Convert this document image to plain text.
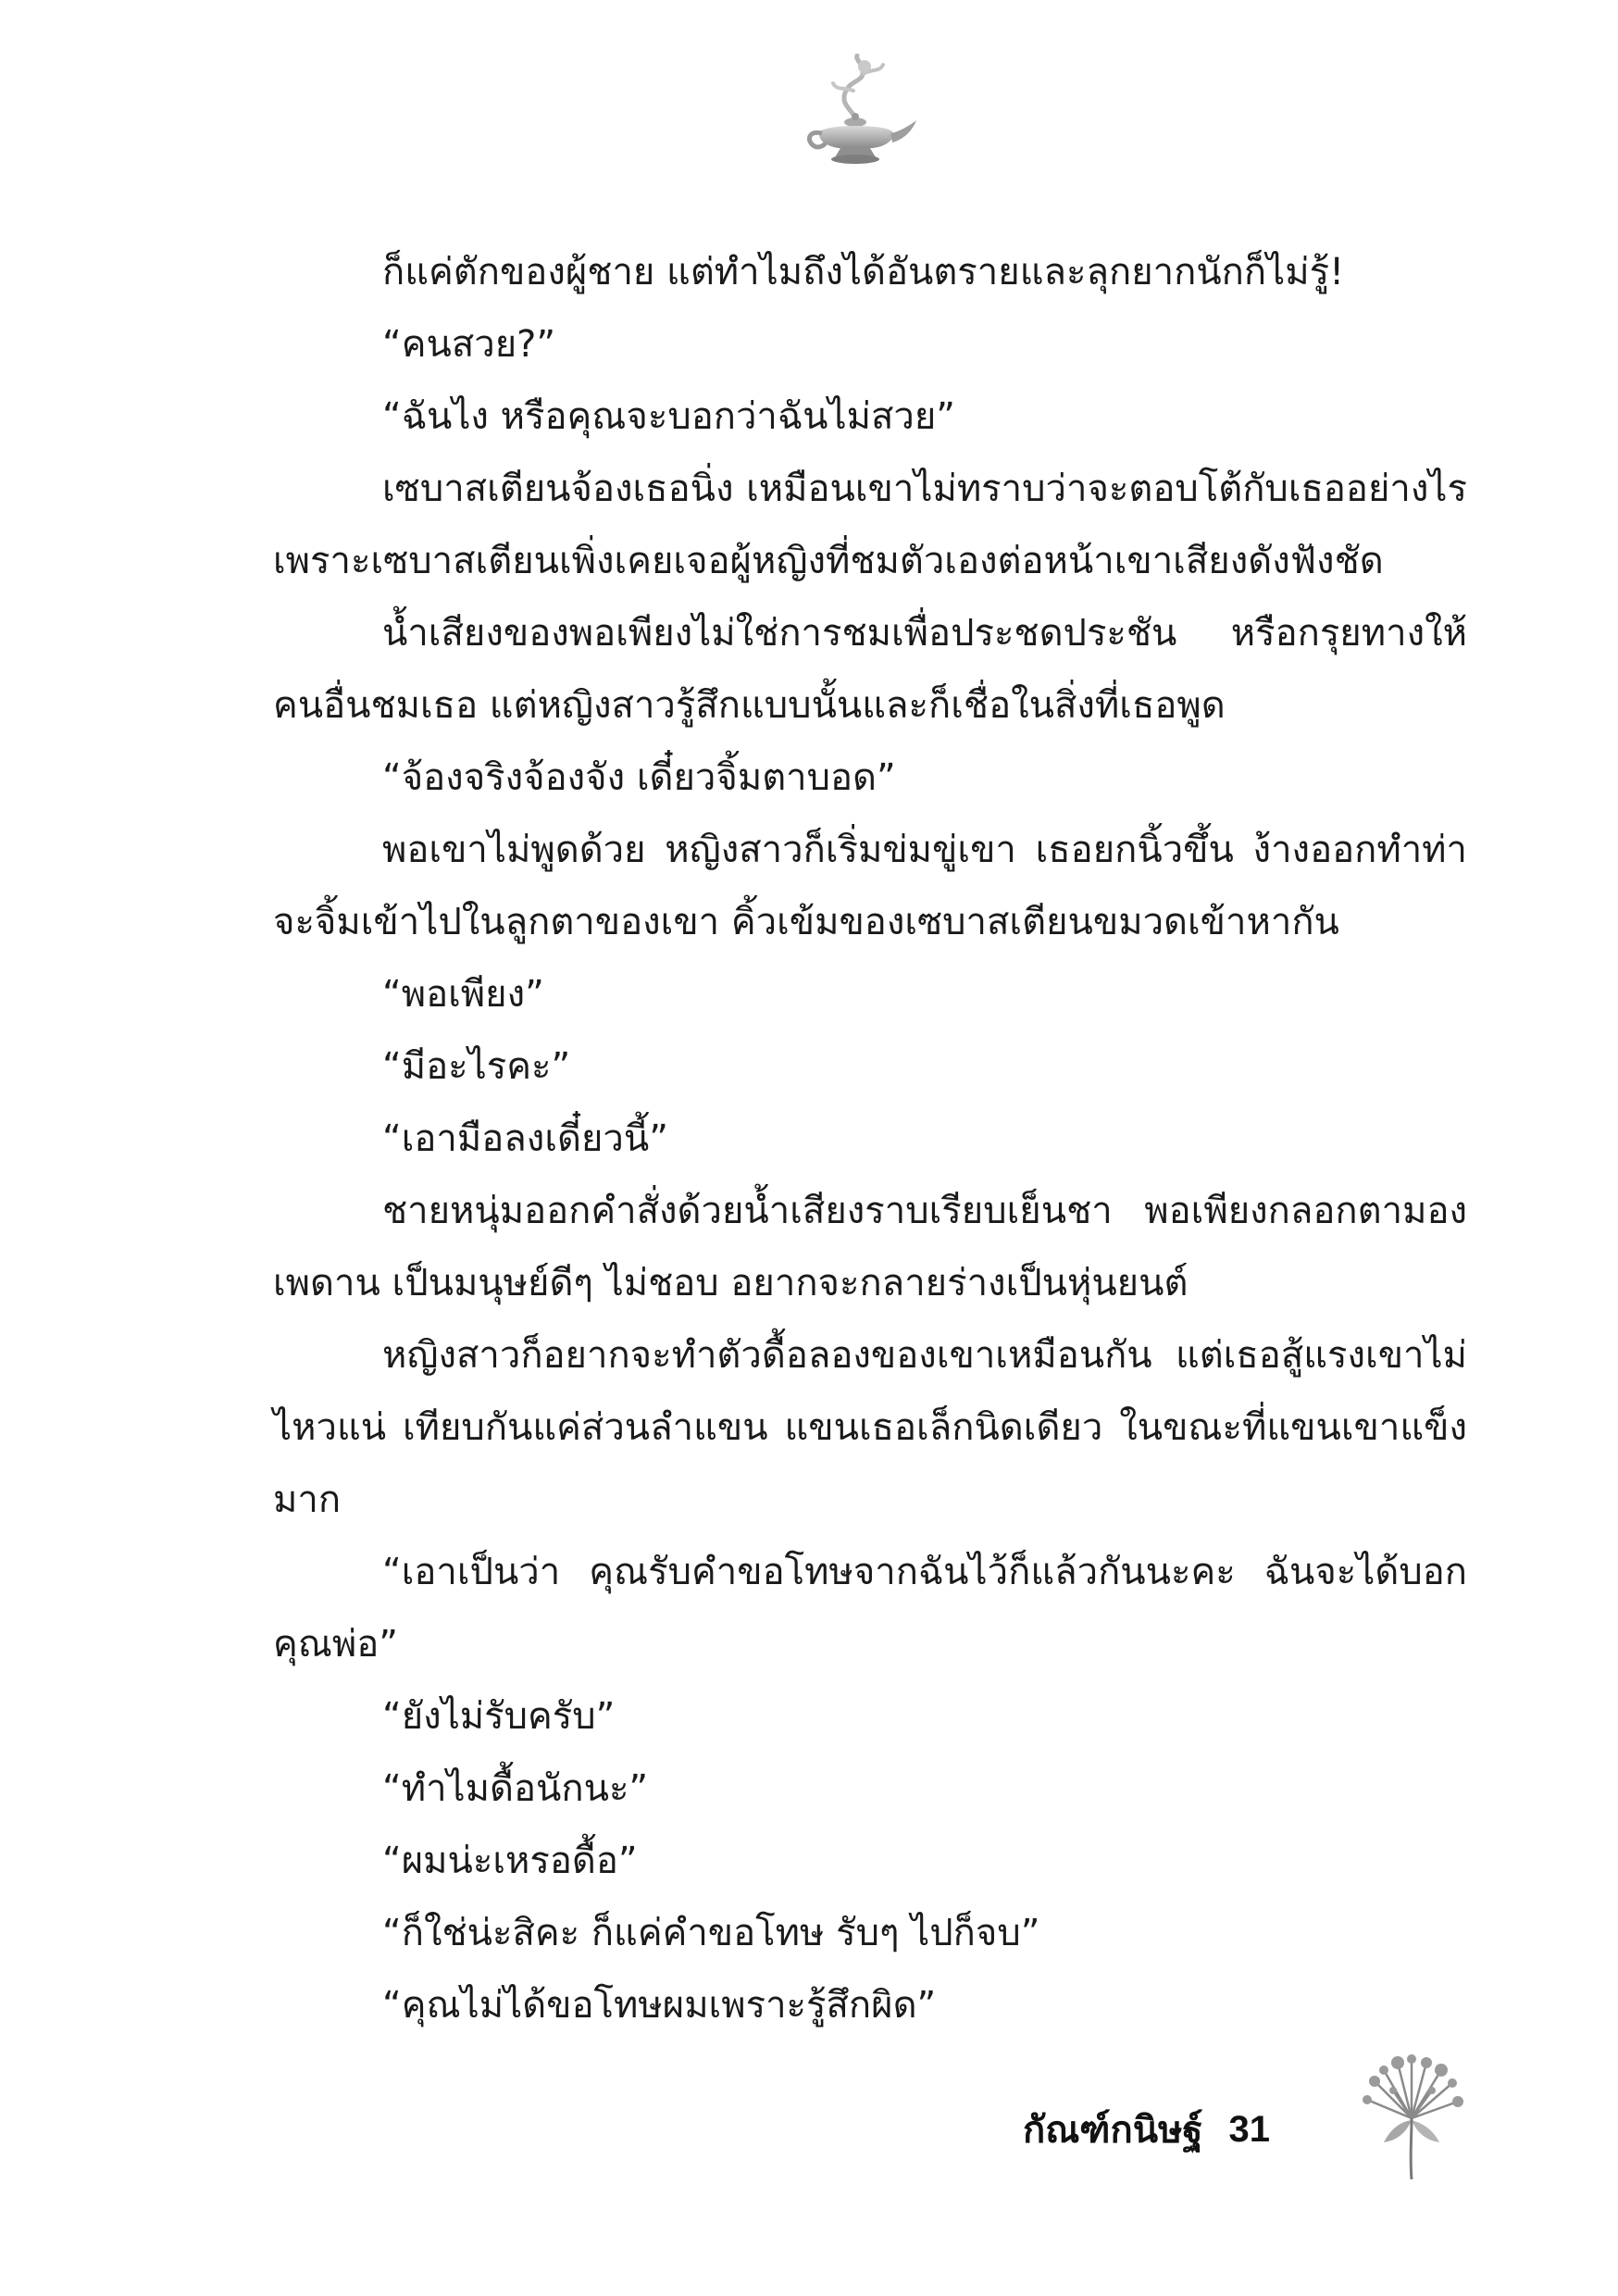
ก็แค่ตักของผู้ชาย แต่ทำไมถึงได้อันตรายและลุกยากนักก็ไม่รู้!

“คนสวย?”

“ฉันไง หรือคุณจะบอกว่าฉันไม่สวย”

เซบาสเตียนจ้องเธอนิ่ง เหมือนเขาไม่ทราบว่าจะตอบโต้กับเธออย่างไร เพราะเซบาสเตียนเพิ่งเคยเจอผู้หญิงที่ชมตัวเองต่อหน้าเขาเสียงดังฟังชัด

น้ำเสียงของพอเพียงไม่ใช่การชมเพื่อประชดประชัน หรือกรุยทางให้คนอื่นชมเธอ แต่หญิงสาวรู้สึกแบบนั้นและก็เชื่อในสิ่งที่เธอพูด

“จ้องจริงจ้องจัง เดี๋ยวจิ้มตาบอด”

พอเขาไม่พูดด้วย หญิงสาวก็เริ่มข่มขู่เขา เธอยกนิ้วขึ้น ง้างออกทำท่าจะจิ้มเข้าไปในลูกตาของเขา คิ้วเข้มของเซบาสเตียนขมวดเข้าหากัน

“พอเพียง”

“มีอะไรคะ”

“เอามือลงเดี๋ยวนี้”

ชายหนุ่มออกคำสั่งด้วยน้ำเสียงราบเรียบเย็นชา พอเพียงกลอกตามองเพดาน เป็นมนุษย์ดีๆ ไม่ชอบ อยากจะกลายร่างเป็นหุ่นยนต์

หญิงสาวก็อยากจะทำตัวดื้อลองของเขาเหมือนกัน แต่เธอสู้แรงเขาไม่ไหวแน่ เทียบกันแค่ส่วนลำแขน แขนเธอเล็กนิดเดียว ในขณะที่แขนเขาแข็งมาก

“เอาเป็นว่า คุณรับคำขอโทษจากฉันไว้ก็แล้วกันนะคะ ฉันจะได้บอกคุณพ่อ”

“ยังไม่รับครับ”

“ทำไมดื้อนักนะ”

“ผมน่ะเหรอดื้อ”

“ก็ใช่น่ะสิคะ ก็แค่คำขอโทษ รับๆ ไปก็จบ”

“คุณไม่ได้ขอโทษผมเพราะรู้สึกผิด”

กัณฑ์กนิษฐ์ 31
